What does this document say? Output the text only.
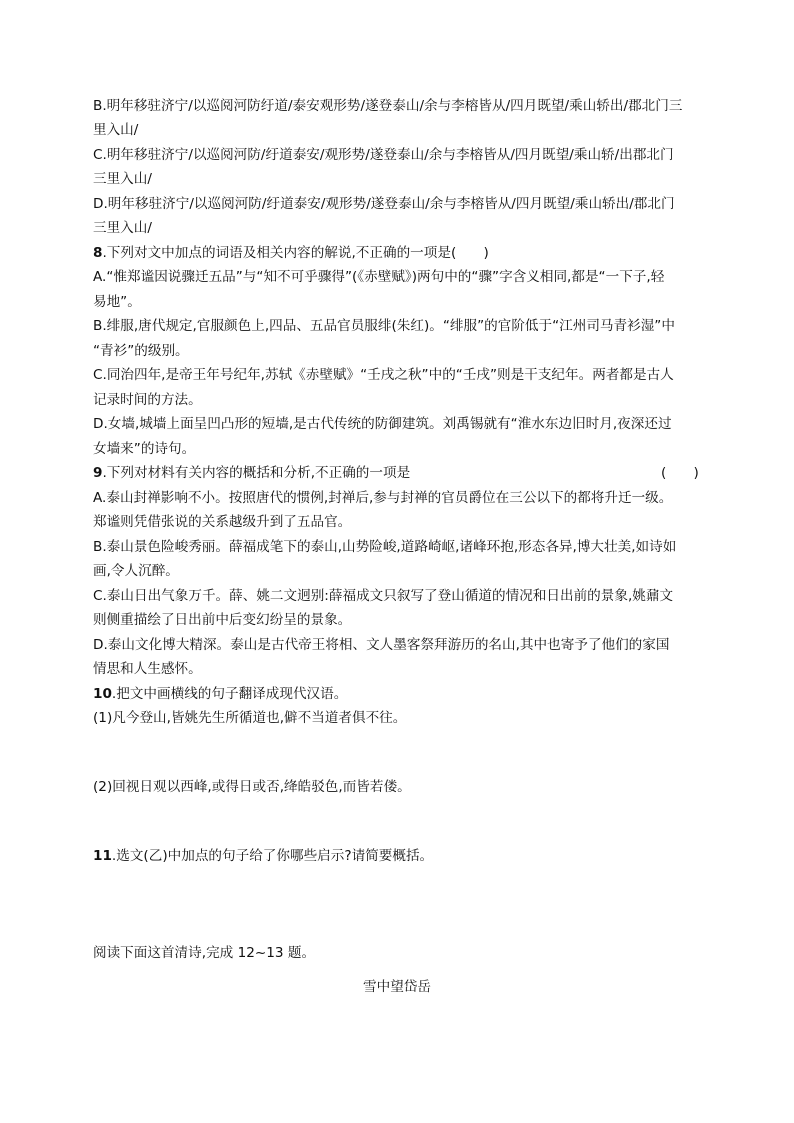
B.明年移驻济宁/以巡阅河防纡道/泰安观形势/遂登泰山/余与李榕皆从/四月既望/乘山轿出/郡北门三
里入山/
C.明年移驻济宁/以巡阅河防/纡道泰安/观形势/遂登泰山/余与李榕皆从/四月既望/乘山轿/出郡北门
三里入山/
D.明年移驻济宁/以巡阅河防/纡道泰安/观形势/遂登泰山/余与李榕皆从/四月既望/乘山轿出/郡北门
三里入山/
8.下列对文中加点的词语及相关内容的解说,不正确的一项是(　　)
A.“惟郑谧因说骤迁五品”与“知不可乎骤得”(《赤壁赋》)两句中的“骤”字含义相同,都是“一下子,轻
易地”。
B.绯服,唐代规定,官服颜色上,四品、五品官员服绯(朱红)。“绯服”的官阶低于“江州司马青衫湿”中
“青衫”的级别。
C.同治四年,是帝王年号纪年,苏轼《赤壁赋》“壬戌之秋”中的“壬戌”则是干支纪年。两者都是古人
记录时间的方法。
D.女墙,城墙上面呈凹凸形的短墙,是古代传统的防御建筑。刘禹锡就有“淮水东边旧时月,夜深还过
女墙来”的诗句。
9.下列对材料有关内容的概括和分析,不正确的一项是	(　　)
A.泰山封禅影响不小。按照唐代的惯例,封禅后,参与封禅的官员爵位在三公以下的都将升迁一级。
郑谧则凭借张说的关系越级升到了五品官。
B.泰山景色险峻秀丽。薛福成笔下的泰山,山势险峻,道路崎岖,诸峰环抱,形态各异,博大壮美,如诗如
画,令人沉醉。
C.泰山日出气象万千。薛、姚二文迥别:薛福成文只叙写了登山循道的情况和日出前的景象,姚鼐文
则侧重描绘了日出前中后变幻纷呈的景象。
D.泰山文化博大精深。泰山是古代帝王将相、文人墨客祭拜游历的名山,其中也寄予了他们的家国
情思和人生感怀。
10.把文中画横线的句子翻译成现代汉语。
(1)凡今登山,皆姚先生所循道也,僻不当道者俱不往。
(2)回视日观以西峰,或得日或否,绛皓驳色,而皆若偻。
11.选文(乙)中加点的句子给了你哪些启示?请简要概括。
阅读下面这首清诗,完成 12~13 题。
雪中望岱岳
